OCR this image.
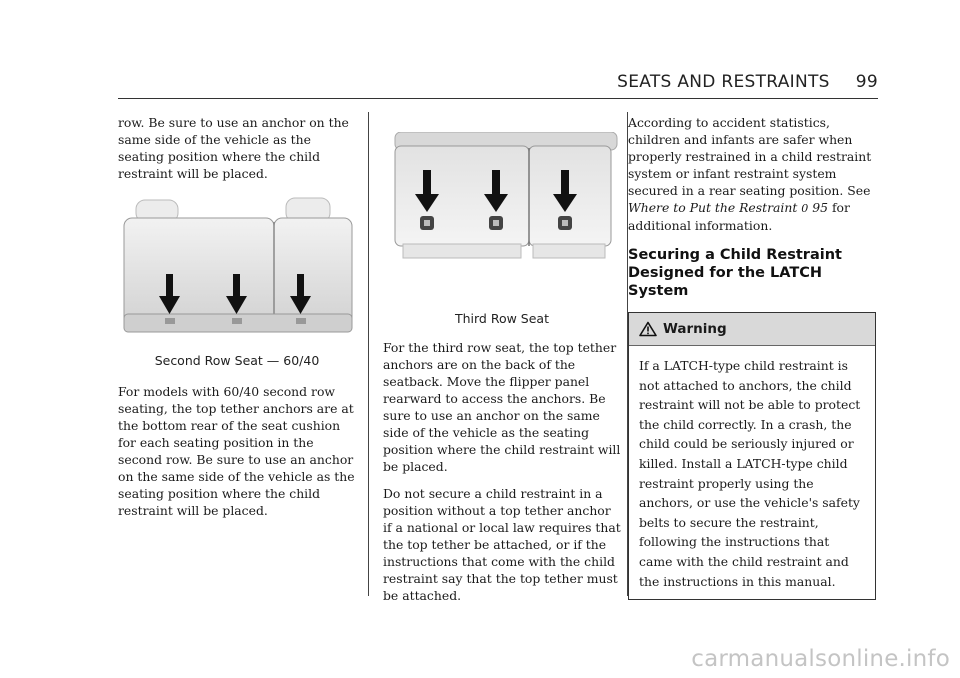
SEATS AND RESTRAINTS 99

row. Be sure to use an anchor on the same side of the vehicle as the seating position where the child restraint will be placed.

Second Row Seat — 60/40

For models with 60/40 second row seating, the top tether anchors are at the bottom rear of the seat cushion for each seating position in the second row. Be sure to use an anchor on the same side of the vehicle as the seating position where the child restraint will be placed.

Third Row Seat

For the third row seat, the top tether anchors are on the back of the seatback. Move the flipper panel rearward to access the anchors. Be sure to use an anchor on the same side of the vehicle as the seating position where the child restraint will be placed.

Do not secure a child restraint in a position without a top tether anchor if a national or local law requires that the top tether be attached, or if the instructions that come with the child restraint say that the top tether must be attached.

According to accident statistics, children and infants are safer when properly restrained in a child restraint system or infant restraint system secured in a rear seating position. See Where to Put the Restraint 0 95 for additional information.

Securing a Child Restraint Designed for the LATCH System
Warning
If a LATCH-type child restraint is not attached to anchors, the child restraint will not be able to protect the child correctly. In a crash, the child could be seriously injured or killed. Install a LATCH-type child restraint properly using the anchors, or use the vehicle's safety belts to secure the restraint, following the instructions that came with the child restraint and the instructions in this manual.
carmanualsonline.info
